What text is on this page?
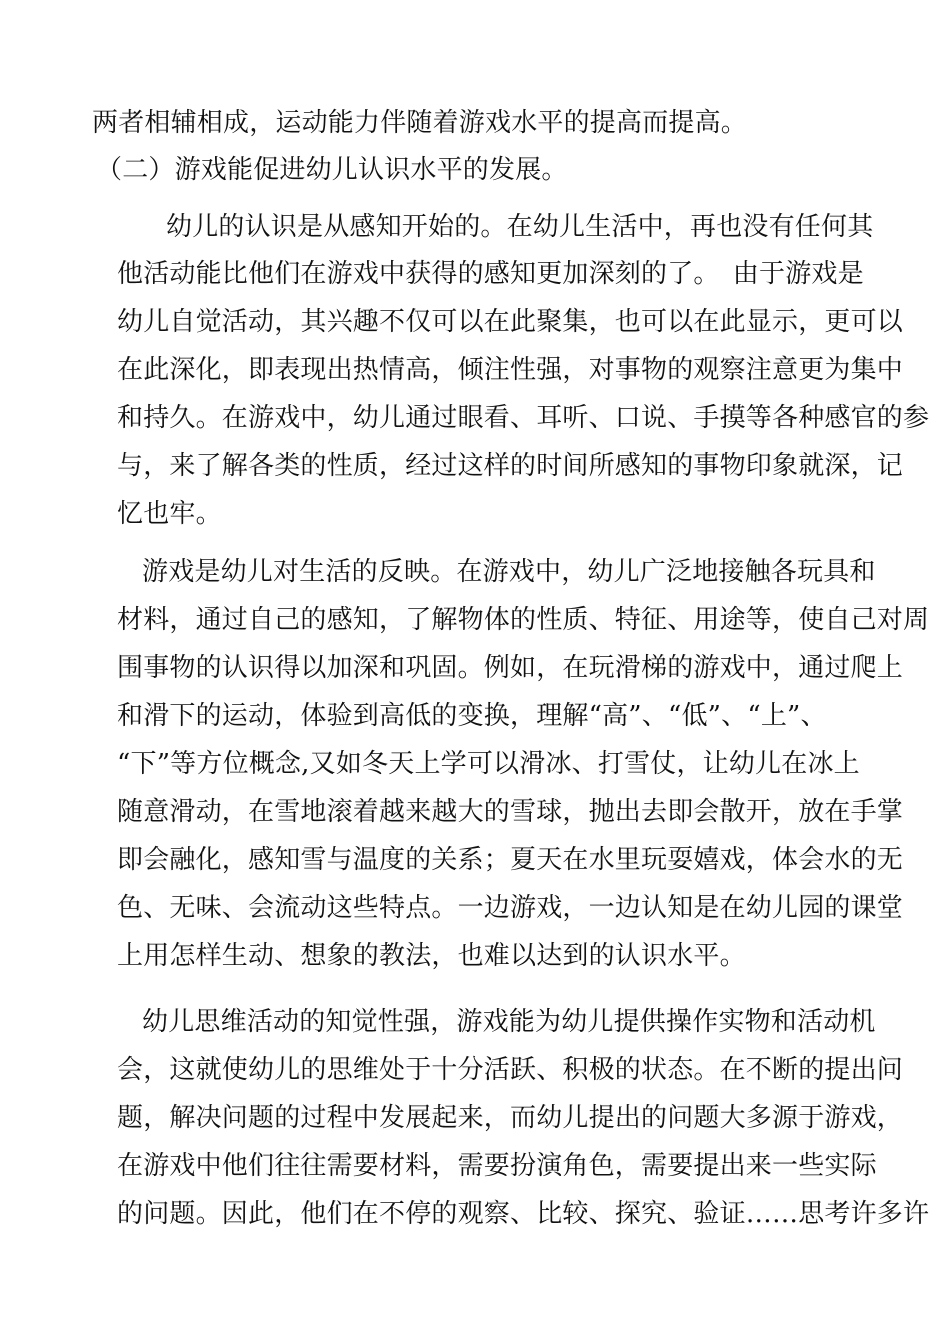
两者相辅相成，运动能力伴随着游戏水平的提高而提高。
（二）游戏能促进幼儿认识水平的发展。
幼儿的认识是从感知开始的。在幼儿生活中，再也没有任何其
他活动能比他们在游戏中获得的感知更加深刻的了。　由于游戏是
幼儿自觉活动，其兴趣不仅可以在此聚集，也可以在此显示，更可以
在此深化，即表现出热情高，倾注性强，对事物的观察注意更为集中
和持久。在游戏中，幼儿通过眼看、耳听、口说、手摸等各种感官的参
与，来了解各类的性质，经过这样的时间所感知的事物印象就深，记
忆也牢。
游戏是幼儿对生活的反映。在游戏中，幼儿广泛地接触各玩具和
材料，通过自己的感知，了解物体的性质、特征、用途等，使自己对周
围事物的认识得以加深和巩固。例如，在玩滑梯的游戏中，通过爬上
和滑下的运动，体验到高低的变换，理解“高”、“低”、“上”、
“下”等方位概念,又如冬天上学可以滑冰、打雪仗，让幼儿在冰上
随意滑动，在雪地滚着越来越大的雪球，抛出去即会散开，放在手掌
即会融化，感知雪与温度的关系；夏天在水里玩耍嬉戏，体会水的无
色、无味、会流动这些特点。一边游戏，一边认知是在幼儿园的课堂
上用怎样生动、想象的教法，也难以达到的认识水平。
幼儿思维活动的知觉性强，游戏能为幼儿提供操作实物和活动机
会，这就使幼儿的思维处于十分活跃、积极的状态。在不断的提出问
题，解决问题的过程中发展起来，而幼儿提出的问题大多源于游戏，
在游戏中他们往往需要材料，需要扮演角色，需要提出来一些实际
的问题。因此，他们在不停的观察、比较、探究、验证……思考许多许
